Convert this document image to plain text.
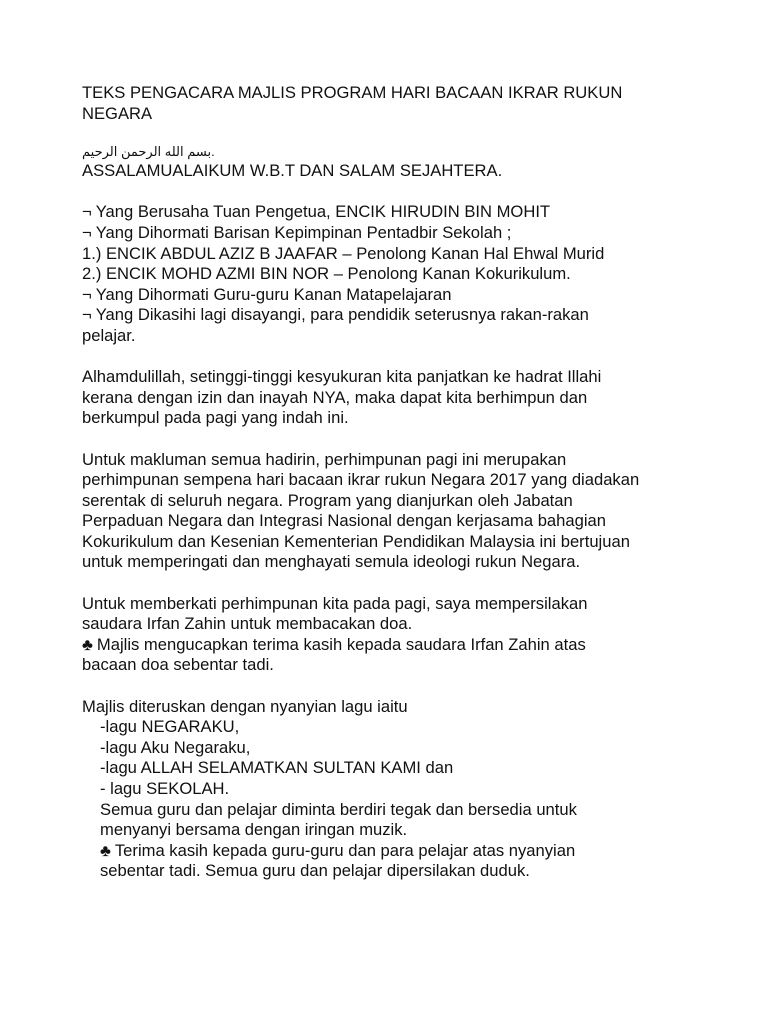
TEKS PENGACARA MAJLIS PROGRAM HARI BACAAN IKRAR RUKUN
NEGARA
بسم الله الرحمن الرحيم.
ASSALAMUALAIKUM W.B.T DAN SALAM SEJAHTERA.
¬ Yang Berusaha Tuan Pengetua, ENCIK HIRUDIN BIN MOHIT
¬ Yang Dihormati Barisan Kepimpinan Pentadbir Sekolah ;
1.) ENCIK ABDUL AZIZ B JAAFAR – Penolong Kanan Hal Ehwal Murid
2.) ENCIK MOHD AZMI BIN NOR – Penolong Kanan Kokurikulum.
¬ Yang Dihormati Guru-guru Kanan Matapelajaran
¬ Yang Dikasihi lagi disayangi, para pendidik seterusnya rakan-rakan
pelajar.
Alhamdulillah, setinggi-tinggi kesyukuran kita panjatkan ke hadrat Illahi
kerana dengan izin dan inayah NYA, maka dapat kita berhimpun dan
berkumpul pada pagi yang indah ini.
Untuk makluman semua hadirin, perhimpunan pagi ini merupakan
perhimpunan sempena hari bacaan ikrar rukun Negara 2017 yang diadakan
serentak di seluruh negara. Program yang dianjurkan oleh Jabatan
Perpaduan Negara dan Integrasi Nasional dengan kerjasama bahagian
Kokurikulum dan Kesenian Kementerian Pendidikan Malaysia ini bertujuan
untuk memperingati dan menghayati semula ideologi rukun Negara.
Untuk memberkati perhimpunan kita pada pagi, saya mempersilakan
saudara Irfan Zahin untuk membacakan doa.
♣ Majlis mengucapkan terima kasih kepada saudara Irfan Zahin atas
bacaan doa sebentar tadi.
Majlis diteruskan dengan nyanyian lagu iaitu
-lagu NEGARAKU,
-lagu Aku Negaraku,
-lagu ALLAH SELAMATKAN SULTAN KAMI dan
- lagu SEKOLAH.
Semua guru dan pelajar diminta berdiri tegak dan bersedia untuk
menyanyi bersama dengan iringan muzik.
♣ Terima kasih kepada guru-guru dan para pelajar atas nyanyian
sebentar tadi. Semua guru dan pelajar dipersilakan duduk.
